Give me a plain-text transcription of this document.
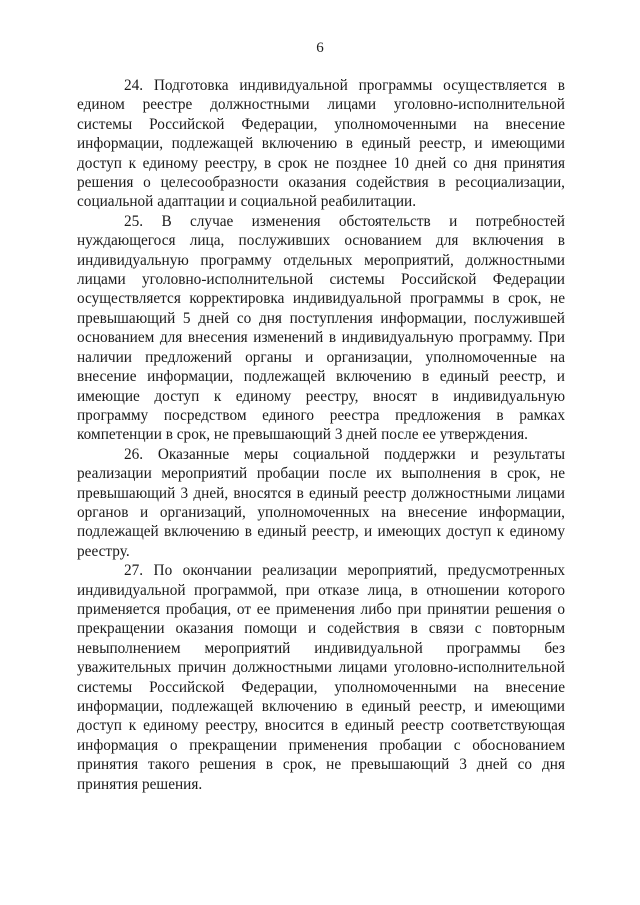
6

24. Подготовка индивидуальной программы осуществляется в едином реестре должностными лицами уголовно-исполнительной системы Российской Федерации, уполномоченными на внесение информации, подлежащей включению в единый реестр, и имеющими доступ к единому реестру, в срок не позднее 10 дней со дня принятия решения о целесообразности оказания содействия в ресоциализации, социальной адаптации и социальной реабилитации.

25. В случае изменения обстоятельств и потребностей нуждающегося лица, послуживших основанием для включения в индивидуальную программу отдельных мероприятий, должностными лицами уголовно-исполнительной системы Российской Федерации осуществляется корректировка индивидуальной программы в срок, не превышающий 5 дней со дня поступления информации, послужившей основанием для внесения изменений в индивидуальную программу. При наличии предложений органы и организации, уполномоченные на внесение информации, подлежащей включению в единый реестр, и имеющие доступ к единому реестру, вносят в индивидуальную программу посредством единого реестра предложения в рамках компетенции в срок, не превышающий 3 дней после ее утверждения.

26. Оказанные меры социальной поддержки и результаты реализации мероприятий пробации после их выполнения в срок, не превышающий 3 дней, вносятся в единый реестр должностными лицами органов и организаций, уполномоченных на внесение информации, подлежащей включению в единый реестр, и имеющих доступ к единому реестру.

27. По окончании реализации мероприятий, предусмотренных индивидуальной программой, при отказе лица, в отношении которого применяется пробация, от ее применения либо при принятии решения о прекращении оказания помощи и содействия в связи с повторным невыполнением мероприятий индивидуальной программы без уважительных причин должностными лицами уголовно-исполнительной системы Российской Федерации, уполномоченными на внесение информации, подлежащей включению в единый реестр, и имеющими доступ к единому реестру, вносится в единый реестр соответствующая информация о прекращении применения пробации с обоснованием принятия такого решения в срок, не превышающий 3 дней со дня принятия решения.
